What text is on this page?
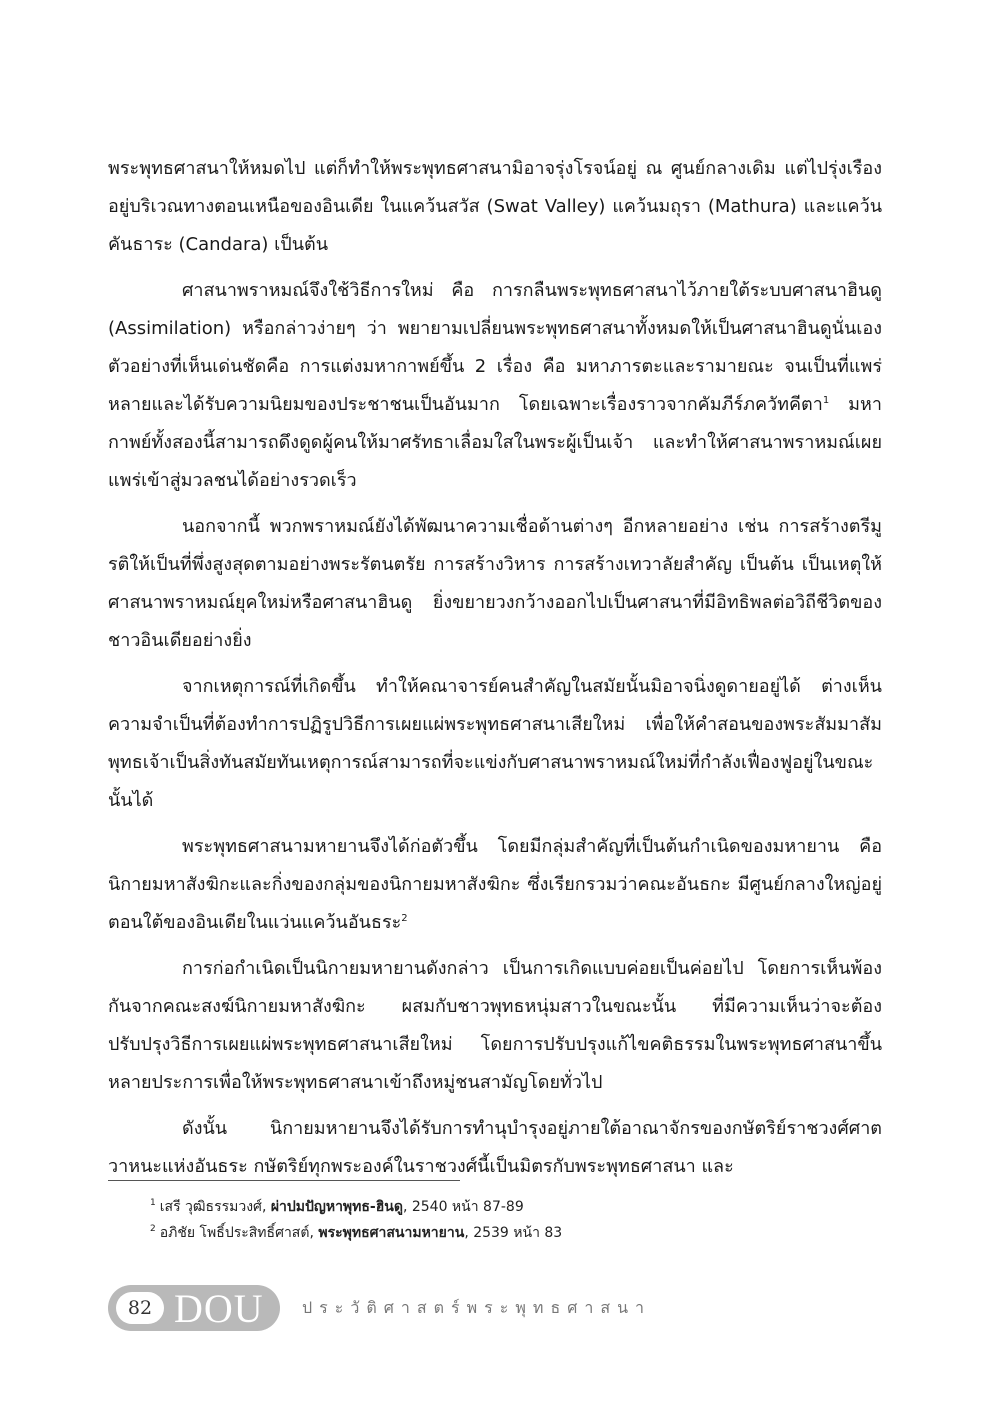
พระพุทธศาสนาให้หมดไป แต่ก็ทำให้พระพุทธศาสนามิอาจรุ่งโรจน์อยู่ ณ ศูนย์กลางเดิม แต่ไปรุ่งเรืองอยู่บริเวณทางตอนเหนือของอินเดีย ในแคว้นสวัส (Swat Valley) แคว้นมถุรา (Mathura) และแคว้นคันธาระ (Candara) เป็นต้น

ศาสนาพราหมณ์จึงใช้วิธีการใหม่ คือ การกลืนพระพุทธศาสนาไว้ภายใต้ระบบศาสนาฮินดู (Assimilation) หรือกล่าวง่ายๆ ว่า พยายามเปลี่ยนพระพุทธศาสนาทั้งหมดให้เป็นศาสนาฮินดูนั่นเอง ตัวอย่างที่เห็นเด่นชัดคือ การแต่งมหากาพย์ขึ้น 2 เรื่อง คือ มหาภารตะและรามายณะ จนเป็นที่แพร่หลายและได้รับความนิยมของประชาชนเป็นอันมาก โดยเฉพาะเรื่องราวจากคัมภีร์ภควัทคีตา$^1$ มหากาพย์ทั้งสองนี้สามารถดึงดูดผู้คนให้มาศรัทธาเลื่อมใสในพระผู้เป็นเจ้า และทำให้ศาสนาพราหมณ์เผยแพร่เข้าสู่มวลชนได้อย่างรวดเร็ว

นอกจากนี้ พวกพราหมณ์ยังได้พัฒนาความเชื่อด้านต่างๆ อีกหลายอย่าง เช่น การสร้างตรีมูรติให้เป็นที่พึ่งสูงสุดตามอย่างพระรัตนตรัย การสร้างวิหาร การสร้างเทวาลัยสำคัญ เป็นต้น เป็นเหตุให้ศาสนาพราหมณ์ยุคใหม่หรือศาสนาฮินดู ยิ่งขยายวงกว้างออกไปเป็นศาสนาที่มีอิทธิพลต่อวิถีชีวิตของชาวอินเดียอย่างยิ่ง

จากเหตุการณ์ที่เกิดขึ้น ทำให้คณาจารย์คนสำคัญในสมัยนั้นมิอาจนิ่งดูดายอยู่ได้ ต่างเห็นความจำเป็นที่ต้องทำการปฏิรูปวิธีการเผยแผ่พระพุทธศาสนาเสียใหม่ เพื่อให้คำสอนของพระสัมมาสัมพุทธเจ้าเป็นสิ่งทันสมัยทันเหตุการณ์สามารถที่จะแข่งกับศาสนาพราหมณ์ใหม่ที่กำลังเฟื่องฟูอยู่ในขณะนั้นได้

พระพุทธศาสนามหายานจึงได้ก่อตัวขึ้น โดยมีกลุ่มสำคัญที่เป็นต้นกำเนิดของมหายาน คือ นิกายมหาสังฆิกะและกิ่งของกลุ่มของนิกายมหาสังฆิกะ ซึ่งเรียกรวมว่าคณะอันธกะ มีศูนย์กลางใหญ่อยู่ตอนใต้ของอินเดียในแว่นแคว้นอันธระ$^2$

การก่อกำเนิดเป็นนิกายมหายานดังกล่าว เป็นการเกิดแบบค่อยเป็นค่อยไป โดยการเห็นพ้องกันจากคณะสงฆ์นิกายมหาสังฆิกะ ผสมกับชาวพุทธหนุ่มสาวในขณะนั้น ที่มีความเห็นว่าจะต้องปรับปรุงวิธีการเผยแผ่พระพุทธศาสนาเสียใหม่ โดยการปรับปรุงแก้ไขคติธรรมในพระพุทธศาสนาขึ้นหลายประการเพื่อให้พระพุทธศาสนาเข้าถึงหมู่ชนสามัญโดยทั่วไป

ดังนั้น นิกายมหายานจึงได้รับการทำนุบำรุงอยู่ภายใต้อาณาจักรของกษัตริย์ราชวงศ์ศาตวาหนะแห่งอันธระ กษัตริย์ทุกพระองค์ในราชวงศ์นี้เป็นมิตรกับพระพุทธศาสนา และ

$^1$ เสรี วุฒิธรรมวงศ์, ผ่าปมปัญหาพุทธ-ฮินดู, 2540 หน้า 87-89
$^2$ อภิชัย โพธิ์ประสิทธิ์ศาสต์, พระพุทธศาสนามหายาน, 2539 หน้า 83
82 DOU ประวัติศาสตร์พระพุทธศาสนา
